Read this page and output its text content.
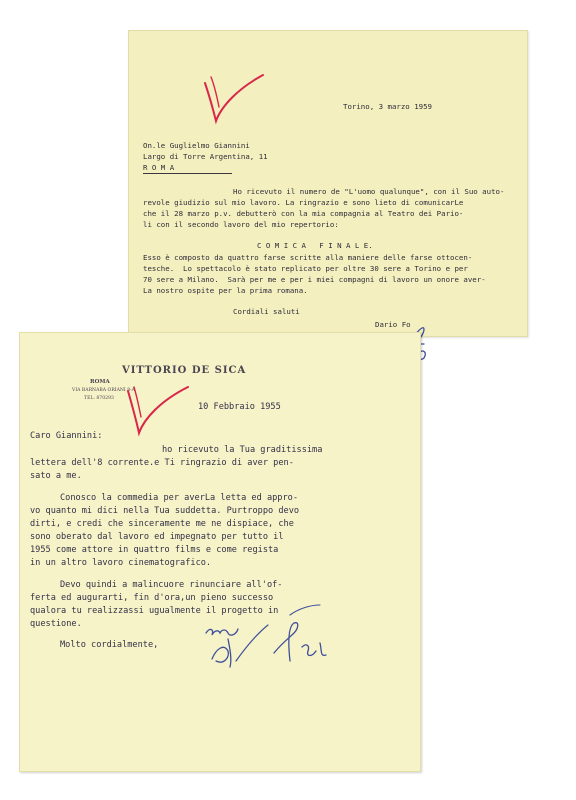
Torino, 3 marzo 1959
On.le Guglielmo Giannini
Largo di Torre Argentina, 11
R O M A
Ho ricevuto il numero de "L'uomo qualunque", con il Suo auto-
revole giudizio sul mio lavoro. La ringrazio e sono lieto di comunicarLe
che il 28 marzo p.v. debutterò con la mia compagnia al Teatro dei Pario-
li con il secondo lavoro del mio repertorio:
C O M I C A   F I N A L E.
Esso è composto da quattro farse scritte alla maniere delle farse ottocen-
tesche.  Lo spettacolo è stato replicato per oltre 30 sere a Torino e per
70 sere a Milano.  Sarà per me e per i miei compagni di lavoro un onore aver-
La nostro ospite per la prima romana.
Cordiali saluti
Dario Fo
VITTORIO DE SICA
ROMA
VIA BARNABA ORIANI 8-A
TEL. 870293
10 Febbraio 1955
Caro Giannini:
ho ricevuto la Tua graditissima
lettera dell'8 corrente.e Ti ringrazio di aver pen-
sato a me.
Conosco la commedia per averLa letta ed appro-
vo quanto mi dici nella Tua suddetta. Purtroppo devo
dirti, e credi che sinceramente me ne dispiace, che
sono oberato dal lavoro ed impegnato per tutto il
1955 come attore in quattro films e come regista
in un altro lavoro cinematografico.
Devo quindi a malincuore rinunciare all'of-
ferta ed augurarti, fin d'ora,un pieno successo
qualora tu realizzassi ugualmente il progetto in
questione.
Molto cordialmente,
